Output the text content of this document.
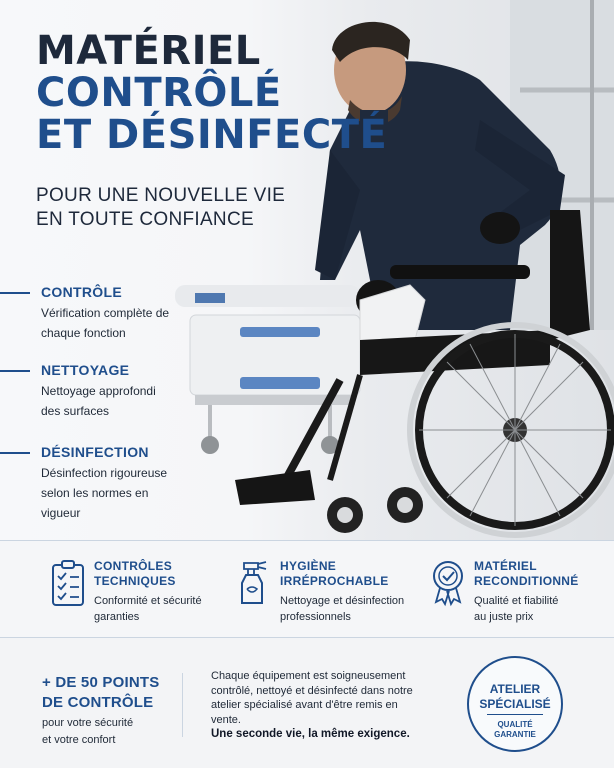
MATÉRIEL
CONTRÔLÉ
ET DÉSINFECTÉ
POUR UNE NOUVELLE VIE
EN TOUTE CONFIANCE
CONTRÔLE
Vérification complète de chaque fonction
NETTOYAGE
Nettoyage approfondi des surfaces
DÉSINFECTION
Désinfection rigoureuse selon les normes en vigueur
CONTRÔLES
TECHNIQUES
Conformité et sécurité
garanties
HYGIÈNE
IRRÉPROCHABLE
Nettoyage et désinfection
professionnels
MATÉRIEL
RECONDITIONNÉ
Qualité et fiabilité
au juste prix
+ DE 50 POINTS
DE CONTRÔLE
pour votre sécurité
et votre confort
Chaque équipement est soigneusement contrôlé, nettoyé et désinfecté dans notre atelier spécialisé avant d'être remis en vente.
Une seconde vie, la même exigence.
ATELIER
SPÉCIALISÉ
QUALITÉ
GARANTIE
